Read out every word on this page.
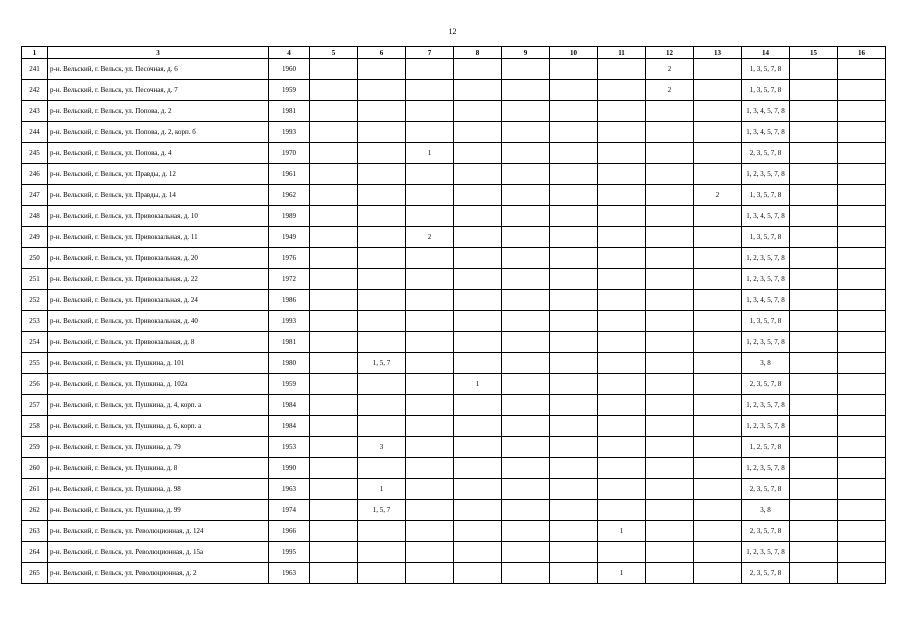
12
1	3	4	5	6	7	8	9	10	11	12	13	14	15	16
241	р-н. Вельский, г. Вельск, ул. Песочная, д. 6	1960								2		1, 3, 5, 7, 8		
242	р-н. Вельский, г. Вельск, ул. Песочная, д. 7	1959								2		1, 3, 5, 7, 8		
243	р-н. Вельский, г. Вельск, ул. Попова, д. 2	1981										1, 3, 4, 5, 7, 8		
244	р-н. Вельский, г. Вельск, ул. Попова, д. 2, корп. б	1993										1, 3, 4, 5, 7, 8		
245	р-н. Вельский, г. Вельск, ул. Попова, д. 4	1970			1							2, 3, 5, 7, 8		
246	р-н. Вельский, г. Вельск, ул. Правды, д. 12	1961										1, 2, 3, 5, 7, 8		
247	р-н. Вельский, г. Вельск, ул. Правды, д. 14	1962									2	1, 3, 5, 7, 8		
248	р-н. Вельский, г. Вельск, ул. Привокзальная, д. 10	1989										1, 3, 4, 5, 7, 8		
249	р-н. Вельский, г. Вельск, ул. Привокзальная, д. 11	1949			2							1, 3, 5, 7, 8		
250	р-н. Вельский, г. Вельск, ул. Привокзальная, д. 20	1976										1, 2, 3, 5, 7, 8		
251	р-н. Вельский, г. Вельск, ул. Привокзальная, д. 22	1972										1, 2, 3, 5, 7, 8		
252	р-н. Вельский, г. Вельск, ул. Привокзальная, д. 24	1986										1, 3, 4, 5, 7, 8		
253	р-н. Вельский, г. Вельск, ул. Привокзальная, д. 40	1993										1, 3, 5, 7, 8		
254	р-н. Вельский, г. Вельск, ул. Привокзальная, д. 8	1981										1, 2, 3, 5, 7, 8		
255	р-н. Вельский, г. Вельск, ул. Пушкина, д. 101	1980		1, 5, 7								3, 8		
256	р-н. Вельский, г. Вельск, ул. Пушкина, д. 102а	1959				1						2, 3, 5, 7, 8		
257	р-н. Вельский, г. Вельск, ул. Пушкина, д. 4, корп. а	1984										1, 2, 3, 5, 7, 8		
258	р-н. Вельский, г. Вельск, ул. Пушкина, д. 6, корп. а	1984										1, 2, 3, 5, 7, 8		
259	р-н. Вельский, г. Вельск, ул. Пушкина, д. 79	1953		3								1, 2, 5, 7, 8		
260	р-н. Вельский, г. Вельск, ул. Пушкина, д. 8	1990										1, 2, 3, 5, 7, 8		
261	р-н. Вельский, г. Вельск, ул. Пушкина, д. 98	1963		1								2, 3, 5, 7, 8		
262	р-н. Вельский, г. Вельск, ул. Пушкина, д. 99	1974		1, 5, 7								3, 8		
263	р-н. Вельский, г. Вельск, ул. Революционная, д. 124	1966							1			2, 3, 5, 7, 8		
264	р-н. Вельский, г. Вельск, ул. Революционная, д. 15а	1995										1, 2, 3, 5, 7, 8		
265	р-н. Вельский, г. Вельск, ул. Революционная, д. 2	1963							1			2, 3, 5, 7, 8		
